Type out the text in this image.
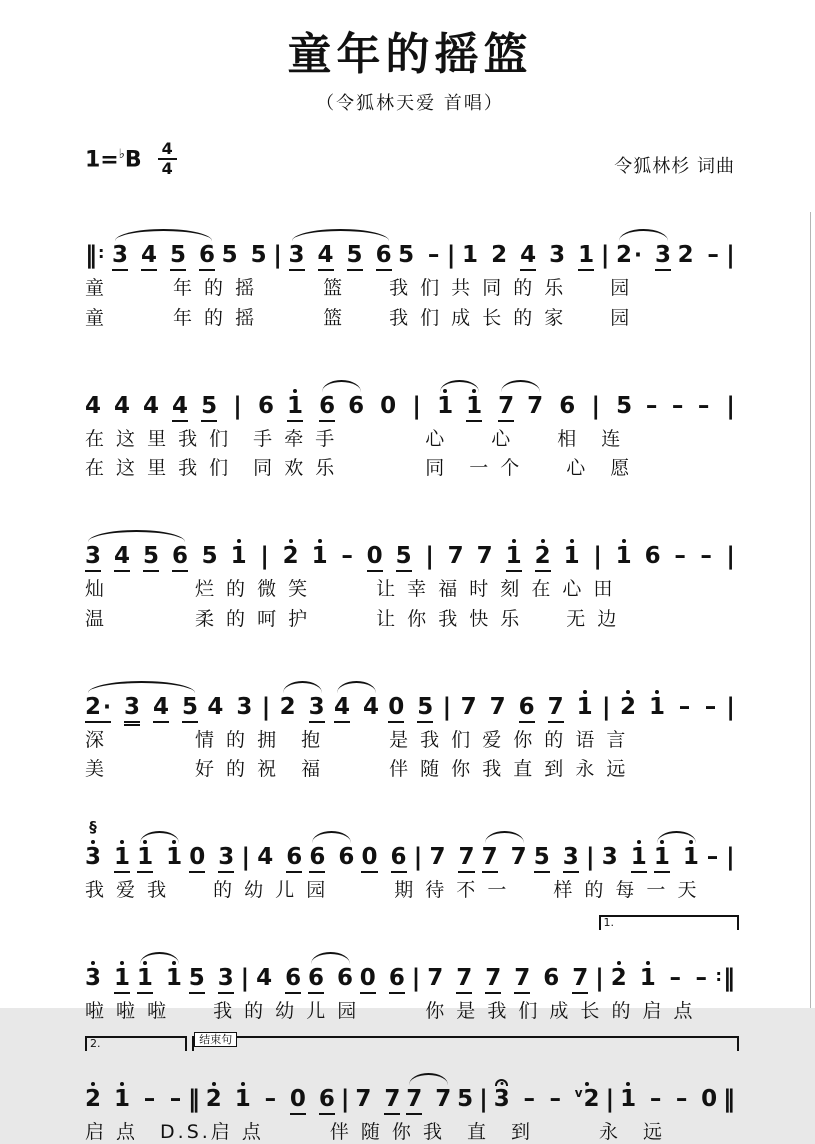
童年的摇篮
（令狐林天爱 首唱）
$1=^♭B \frac{4}{4}$	令狐林杉 词曲
‖ : 3 4 5 6 5 5 | 3 4 5 6 5 – | 1 2 4 3 1 | 2 · 3 2 – |
童　　　年 的 摇　　　篮　　我 们 共 同 的 乐　　园
童　　　年 的 摇　　　篮　　我 们 成 长 的 家　　园
4 4 4 4 5 | 6 1 6 6 0 | 1 1 7 7 6 | 5 – – – |
在 这 里 我 们　手 牵 手　　　　心　　心　　相　连
在 这 里 我 们　同 欢 乐　　　　同　一 个　　心　愿
3 4 5 6 5 1 | 2 1 – 0 5 | 7 7 1 2 1 | 1 6 – – |
灿　　　　烂 的 微 笑　　　让 幸 福 时 刻 在 心 田
温　　　　柔 的 呵 护　　　让 你 我 快 乐　　无 边
2 · 3 4 5 4 3 | 2 3 4 4 0 5 | 7 7 6 7 1 | 2 1 – – |
深　　　　情 的 拥　抱　　　是 我 们 爱 你 的 语 言
美　　　　好 的 祝　福　　　伴 随 你 我 直 到 永 远
§
3 1 1 1 0 3 | 4 6 6 6 0 6 | 7 7 7 7 5 3 | 3 1 1 1 – |
我 爱 我　　的 幼 儿 园　　　期 待 不 一　　样 的 每 一 天
1.
3 1 1 1 5 3 | 4 6 6 6 0 6 | 7 7 7 7 6 7 | 2 1 – – : ‖
啦 啦 啦　　我 的 幼 儿 园　　　你 是 我 们 成 长 的 启 点
2.	结束句
2 1 – – ‖ 2 1 – 0 6 | 7 7 7 7 5 | 3 – – v 2 | 1 – – 0 ‖
启 点　D.S.启 点　　　伴 随 你 我　直　到　　　永　远
